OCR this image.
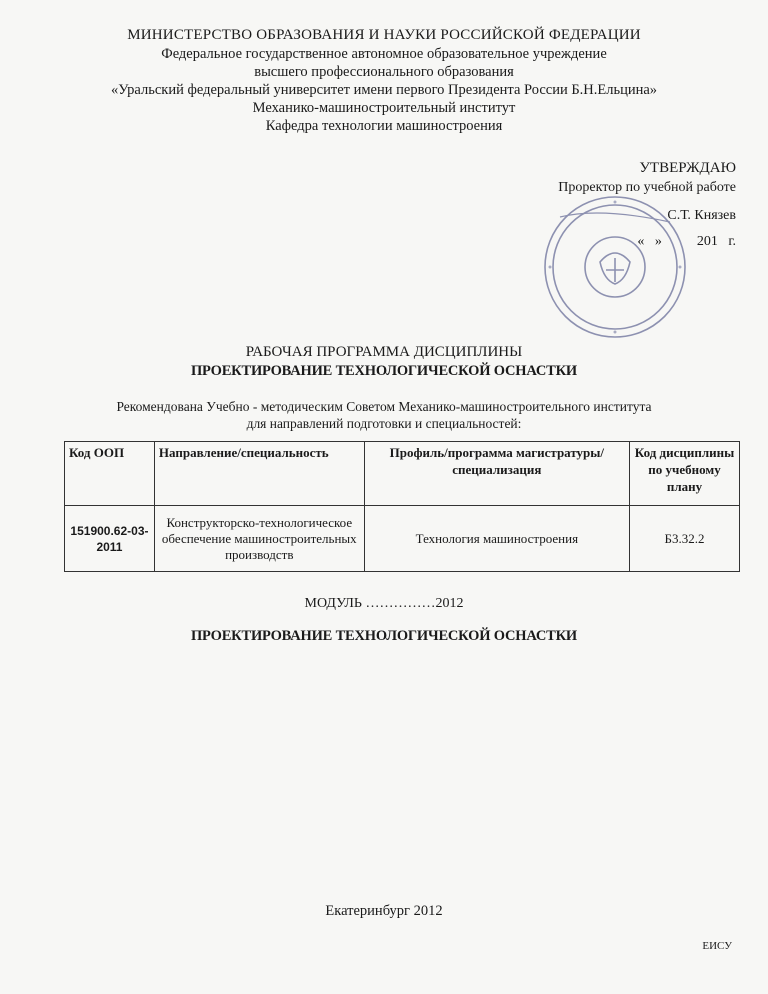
МИНИСТЕРСТВО ОБРАЗОВАНИЯ И НАУКИ РОССИЙСКОЙ ФЕДЕРАЦИИ
Федеральное государственное автономное образовательное учреждение
высшего профессионального образования
«Уральский федеральный университет имени первого Президента России Б.Н.Ельцина»
Механико-машиностроительный институт
Кафедра технологии машиностроения
УТВЕРЖДАЮ
Проректор по учебной работе
С.Т. Князев
«   »          201   г.
РАБОЧАЯ ПРОГРАММА ДИСЦИПЛИНЫ
ПРОЕКТИРОВАНИЕ ТЕХНОЛОГИЧЕСКОЙ ОСНАСТКИ
Рекомендована Учебно - методическим Советом Механико-машиностроительного института
для направлений подготовки и специальностей:
Код ООП	Направление/специальность	Профиль/программа магистратуры/специализация	Код дисциплины по учебному плану
151900.62-03-2011	Конструкторско-технологическое обеспечение машиностроительных производств	Технология машиностроения	Б3.32.2
МОДУЛЬ ……………2012
ПРОЕКТИРОВАНИЕ ТЕХНОЛОГИЧЕСКОЙ ОСНАСТКИ
Екатеринбург 2012
ЕИСУ
